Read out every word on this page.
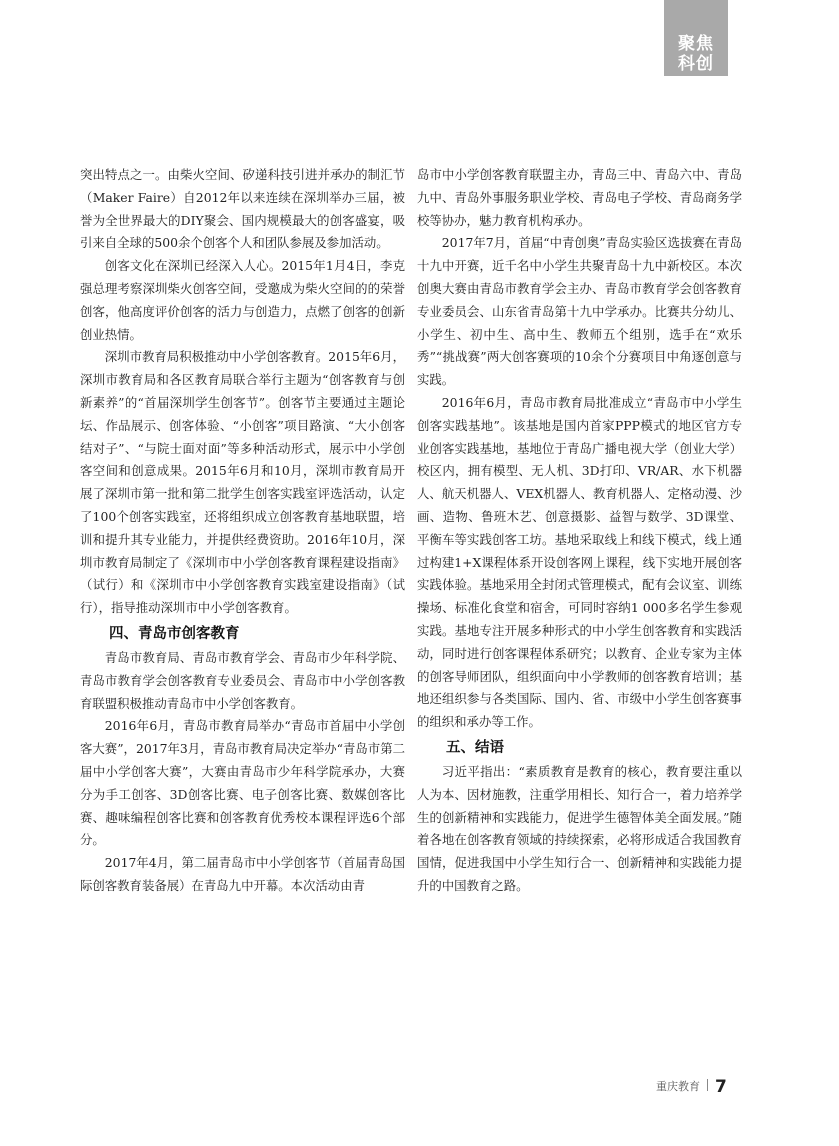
聚焦
科创

突出特点之一。由柴火空间、矽递科技引进并承办的制汇节（Maker Faire）自2012年以来连续在深圳举办三届，被誉为全世界最大的DIY聚会、国内规模最大的创客盛宴，吸引来自全球的500余个创客个人和团队参展及参加活动。

创客文化在深圳已经深入人心。2015年1月4日，李克强总理考察深圳柴火创客空间，受邀成为柴火空间的的荣誉创客，他高度评价创客的活力与创造力，点燃了创客的创新创业热情。

深圳市教育局积极推动中小学创客教育。2015年6月，深圳市教育局和各区教育局联合举行主题为“创客教育与创新素养”的“首届深圳学生创客节”。创客节主要通过主题论坛、作品展示、创客体验、“小创客”项目路演、“大小创客结对子”、“与院士面对面”等多种活动形式，展示中小学创客空间和创意成果。2015年6月和10月，深圳市教育局开展了深圳市第一批和第二批学生创客实践室评选活动，认定了100个创客实践室，还将组织成立创客教育基地联盟，培训和提升其专业能力，并提供经费资助。2016年10月，深圳市教育局制定了《深圳市中小学创客教育课程建设指南》（试行）和《深圳市中小学创客教育实践室建设指南》（试行），指导推动深圳市中小学创客教育。

四、青岛市创客教育

青岛市教育局、青岛市教育学会、青岛市少年科学院、青岛市教育学会创客教育专业委员会、青岛市中小学创客教育联盟积极推动青岛市中小学创客教育。

2016年6月，青岛市教育局举办“青岛市首届中小学创客大赛”，2017年3月，青岛市教育局决定举办“青岛市第二届中小学创客大赛”，大赛由青岛市少年科学院承办，大赛分为手工创客、3D创客比赛、电子创客比赛、数媒创客比赛、趣味编程创客比赛和创客教育优秀校本课程评选6个部分。

2017年4月，第二届青岛市中小学创客节（首届青岛国际创客教育装备展）在青岛九中开幕。本次活动由青

岛市中小学创客教育联盟主办，青岛三中、青岛六中、青岛九中、青岛外事服务职业学校、青岛电子学校、青岛商务学校等协办，魅力教育机构承办。

2017年7月，首届“中青创奥”青岛实验区选拔赛在青岛十九中开赛，近千名中小学生共聚青岛十九中新校区。本次创奥大赛由青岛市教育学会主办、青岛市教育学会创客教育专业委员会、山东省青岛第十九中学承办。比赛共分幼儿、小学生、初中生、高中生、教师五个组别，选手在“欢乐秀”“挑战赛”两大创客赛项的10余个分赛项目中角逐创意与实践。

2016年6月，青岛市教育局批准成立“青岛市中小学生创客实践基地”。该基地是国内首家PPP模式的地区官方专业创客实践基地，基地位于青岛广播电视大学（创业大学）校区内，拥有模型、无人机、3D打印、VR/AR、水下机器人、航天机器人、VEX机器人、教育机器人、定格动漫、沙画、造物、鲁班木艺、创意摄影、益智与数学、3D课堂、平衡车等实践创客工坊。基地采取线上和线下模式，线上通过构建1+X课程体系开设创客网上课程，线下实地开展创客实践体验。基地采用全封闭式管理模式，配有会议室、训练操场、标准化食堂和宿舍，可同时容纳1 000多名学生参观实践。基地专注开展多种形式的中小学生创客教育和实践活动，同时进行创客课程体系研究；以教育、企业专家为主体的创客导师团队，组织面向中小学教师的创客教育培训；基地还组织参与各类国际、国内、省、市级中小学生创客赛事的组织和承办等工作。

五、结语

习近平指出：“素质教育是教育的核心，教育要注重以人为本、因材施教，注重学用相长、知行合一，着力培养学生的创新精神和实践能力，促进学生德智体美全面发展。”随着各地在创客教育领域的持续探索，必将形成适合我国教育国情，促进我国中小学生知行合一、创新精神和实践能力提升的中国教育之路。

重庆教育 7
